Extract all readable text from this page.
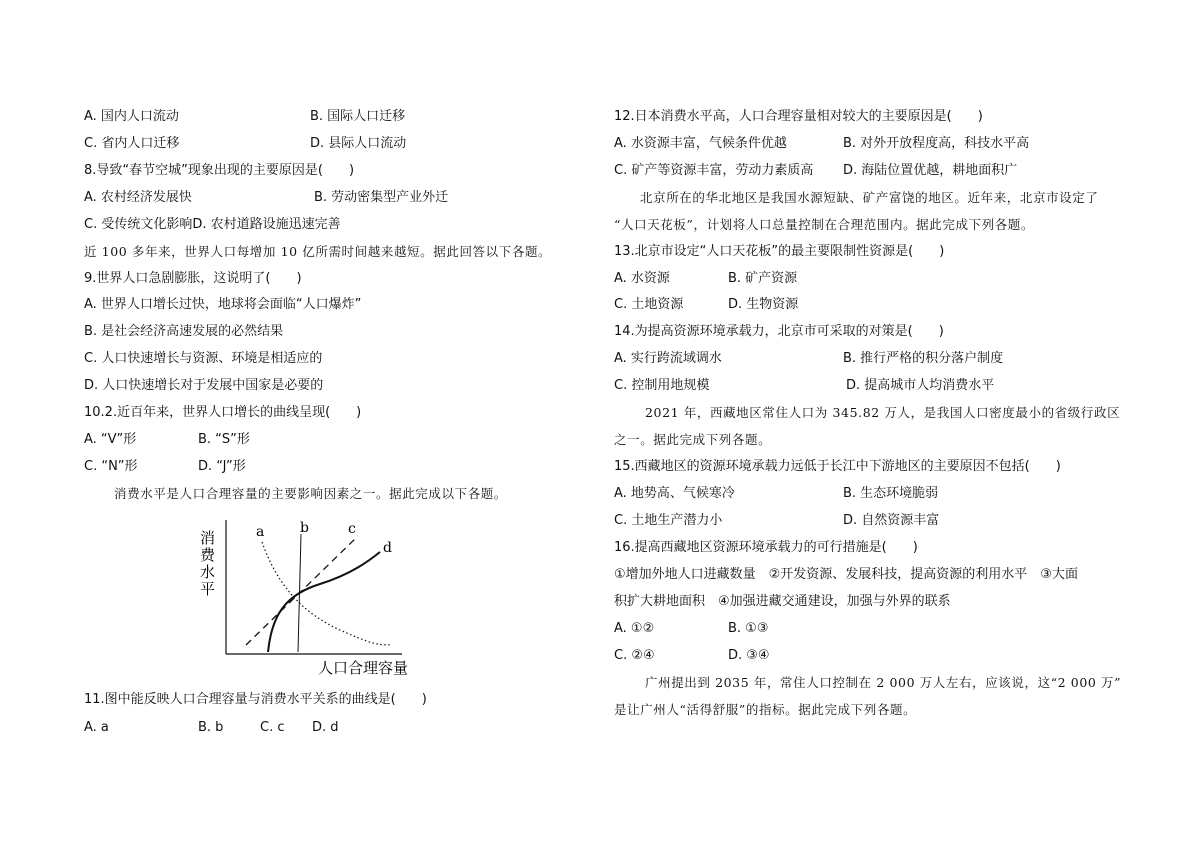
A. 国内人口流动	B. 国际人口迁移
C. 省内人口迁移	D. 县际人口流动
8.导致“春节空城”现象出现的主要原因是(　　)
A. 农村经济发展快	B. 劳动密集型产业外迁
C. 受传统文化影响D. 农村道路设施迅速完善
近 100 多年来，世界人口每增加 10 亿所需时间越来越短。据此回答以下各题。
9.世界人口急剧膨胀，这说明了(　　)
A. 世界人口增长过快，地球将会面临“人口爆炸”
B. 是社会经济高速发展的必然结果
C. 人口快速增长与资源、环境是相适应的
D. 人口快速增长对于发展中国家是必要的
10.2.近百年来，世界人口增长的曲线呈现(　　)
A. “V”形	B. “S”形
C. “N”形	D. “J”形
消费水平是人口合理容量的主要影响因素之一。据此完成以下各题。
a	b	c
d
消费水平
人口合理容量
11.图中能反映人口合理容量与消费水平关系的曲线是(　　)
A. a	B. b	C. c D. d
12.日本消费水平高，人口合理容量相对较大的主要原因是(　　)
A. 水资源丰富，气候条件优越	B. 对外开放程度高，科技水平高
C. 矿产等资源丰富，劳动力素质高 D. 海陆位置优越，耕地面积广
北京所在的华北地区是我国水源短缺、矿产富饶的地区。近年来，北京市设定了
“人口天花板”，计划将人口总量控制在合理范围内。据此完成下列各题。
13.北京市设定“人口天花板”的最主要限制性资源是(　　)
A. 水资源	B. 矿产资源
C. 土地资源	D. 生物资源
14.为提高资源环境承载力，北京市可采取的对策是(　　)
A. 实行跨流域调水	B. 推行严格的积分落户制度
C. 控制用地规模	D. 提高城市人均消费水平
2021 年，西藏地区常住人口为 345.82 万人，是我国人口密度最小的省级行政区
之一。据此完成下列各题。
15.西藏地区的资源环境承载力远低于长江中下游地区的主要原因不包括(　　)
A. 地势高、气候寒冷	B. 生态环境脆弱
C. 土地生产潜力小	D. 自然资源丰富
16.提高西藏地区资源环境承载力的可行措施是(　　)
①增加外地人口进藏数量　②开发资源、发展科技，提高资源的利用水平　③大面
积扩大耕地面积　④加强进藏交通建设，加强与外界的联系
A. ①②	B. ①③
C. ②④	D. ③④
广州提出到 2035 年，常住人口控制在 2 000 万人左右，应该说，这“2 000 万”
是让广州人“活得舒服”的指标。据此完成下列各题。
